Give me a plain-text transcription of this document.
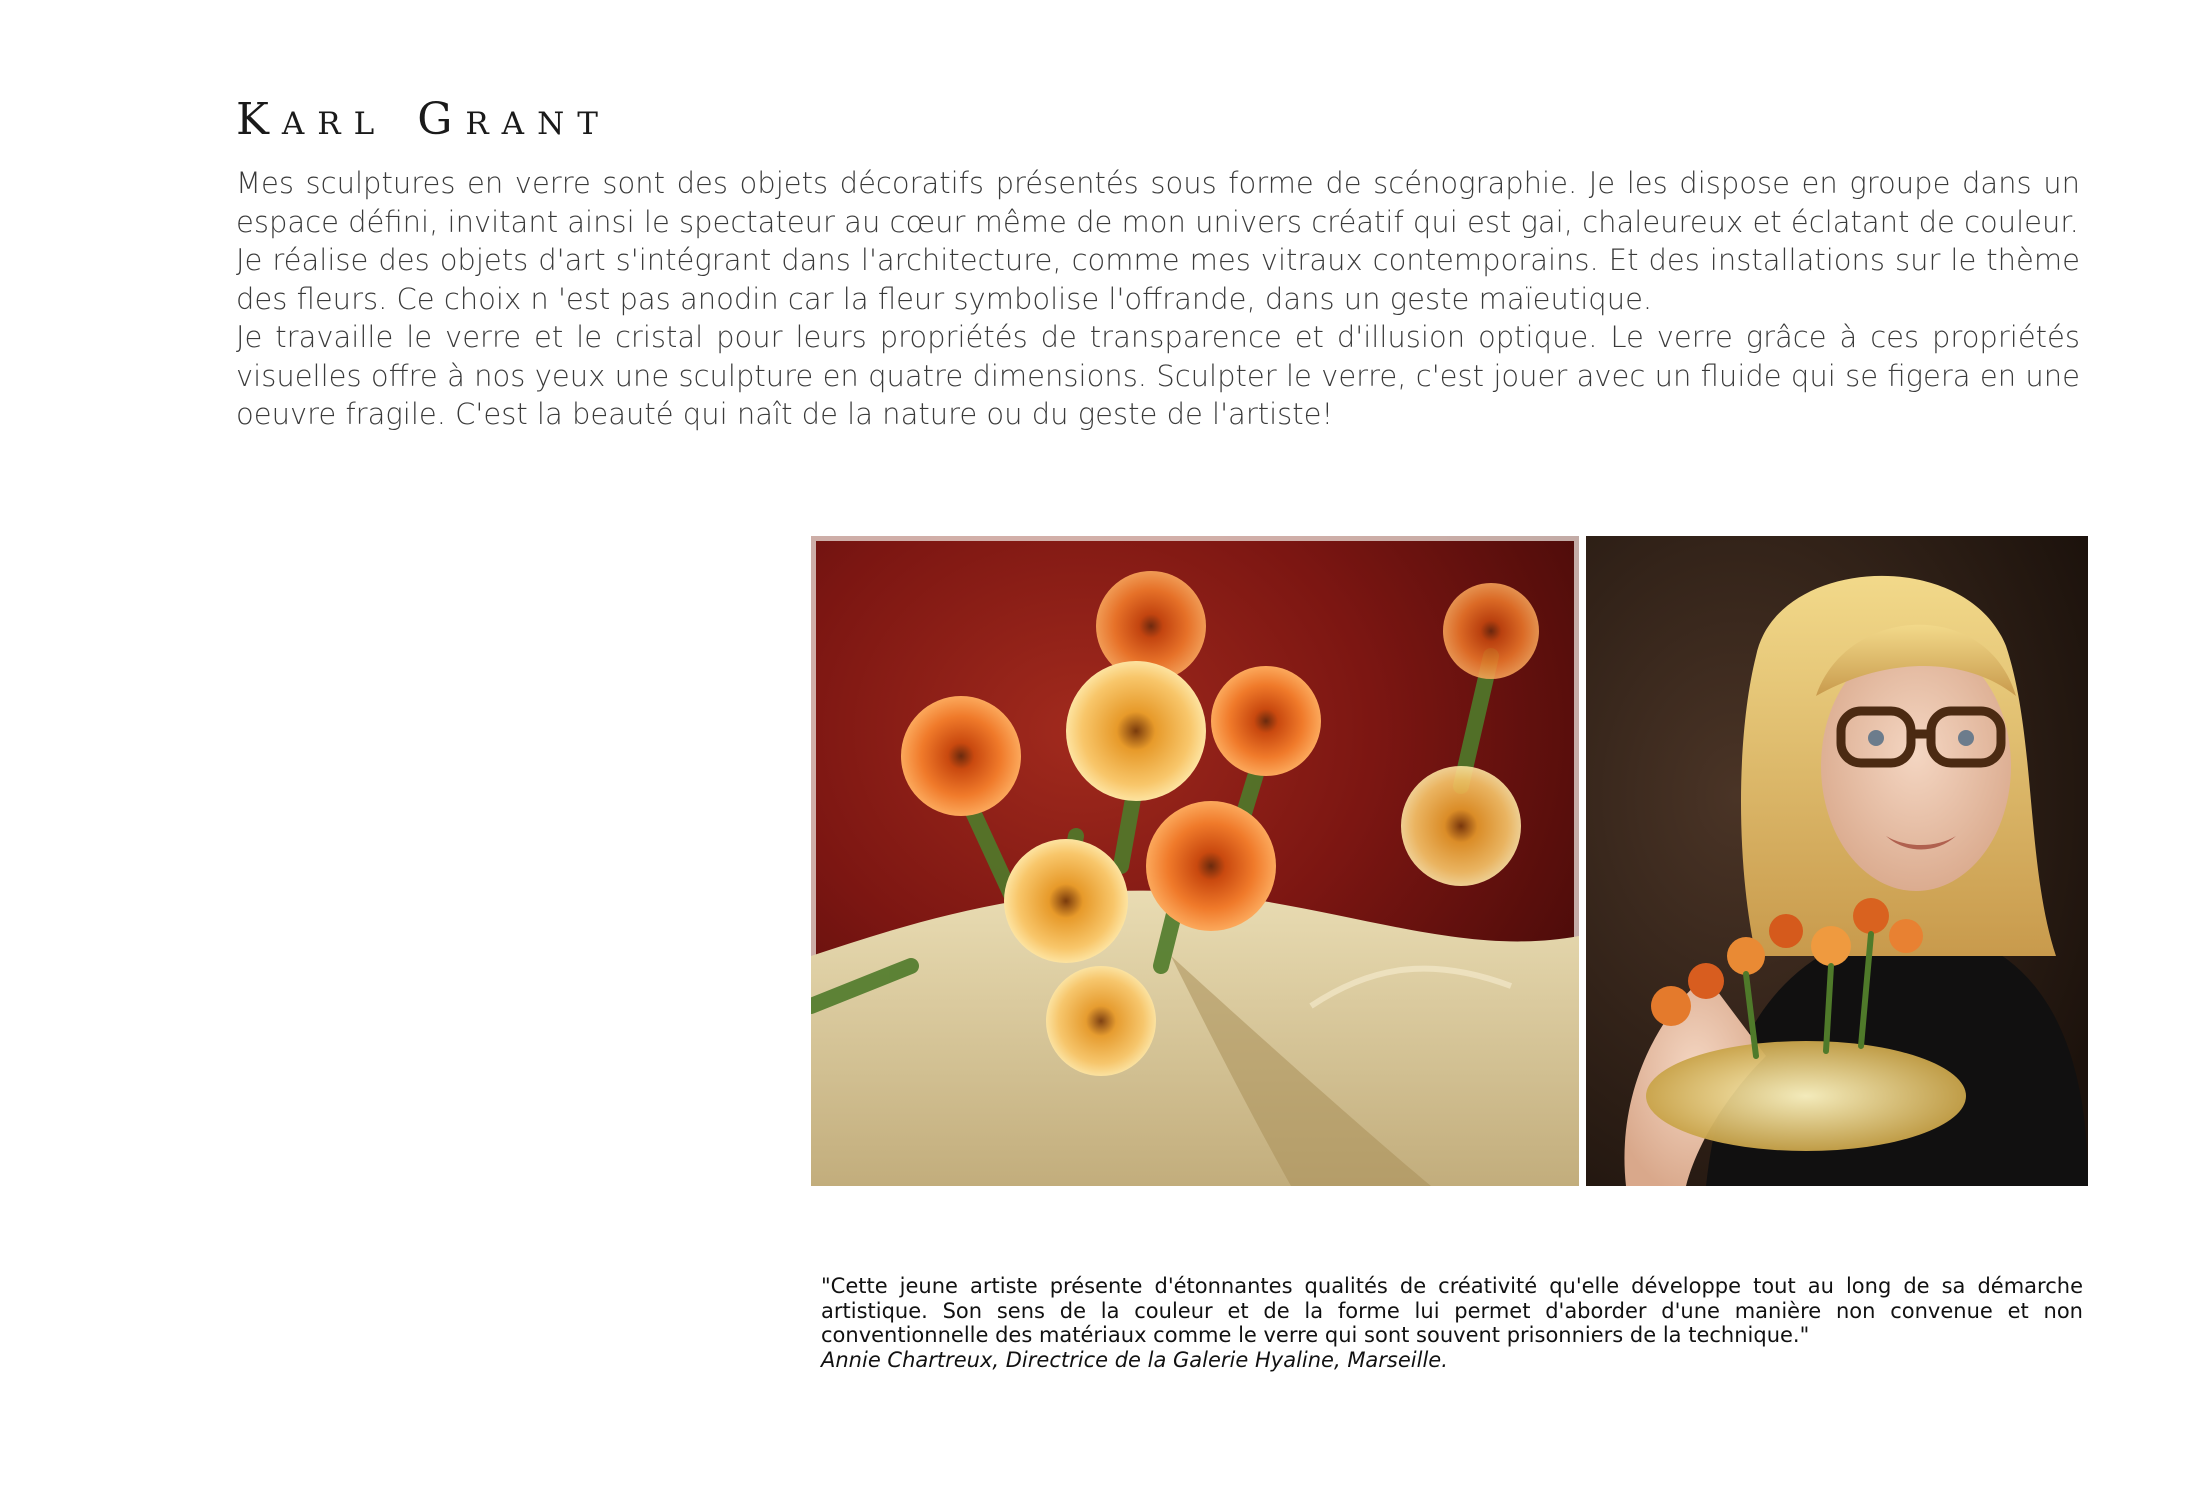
Karl Grant

Mes sculptures en verre sont des objets décoratifs présentés sous forme de scénographie. Je les dispose en groupe dans un espace défini, invitant ainsi le spectateur au cœur même de mon univers créatif qui est gai, chaleureux et éclatant de couleur.

Je réalise des objets d'art s'intégrant dans l'architecture, comme mes vitraux contemporains. Et des installations sur le thème des fleurs. Ce choix n 'est pas anodin car la fleur symbolise l'offrande, dans un geste maïeutique.

Je travaille le verre et le cristal pour leurs propriétés de transparence et d'illusion optique. Le verre grâce à ces propriétés visuelles offre à nos yeux une sculpture en quatre dimensions. Sculpter le verre, c'est jouer avec un fluide qui se figera en une oeuvre fragile. C'est la beauté qui naît de la nature ou du geste de l'artiste!

"Cette jeune artiste présente d'étonnantes qualités de créativité qu'elle développe tout au long de sa démarche artistique. Son sens de la couleur et de la forme lui permet d'aborder d'une manière non convenue et non conventionnelle des matériaux comme le verre qui sont souvent prisonniers de la technique."

Annie Chartreux, Directrice de la Galerie Hyaline, Marseille.
